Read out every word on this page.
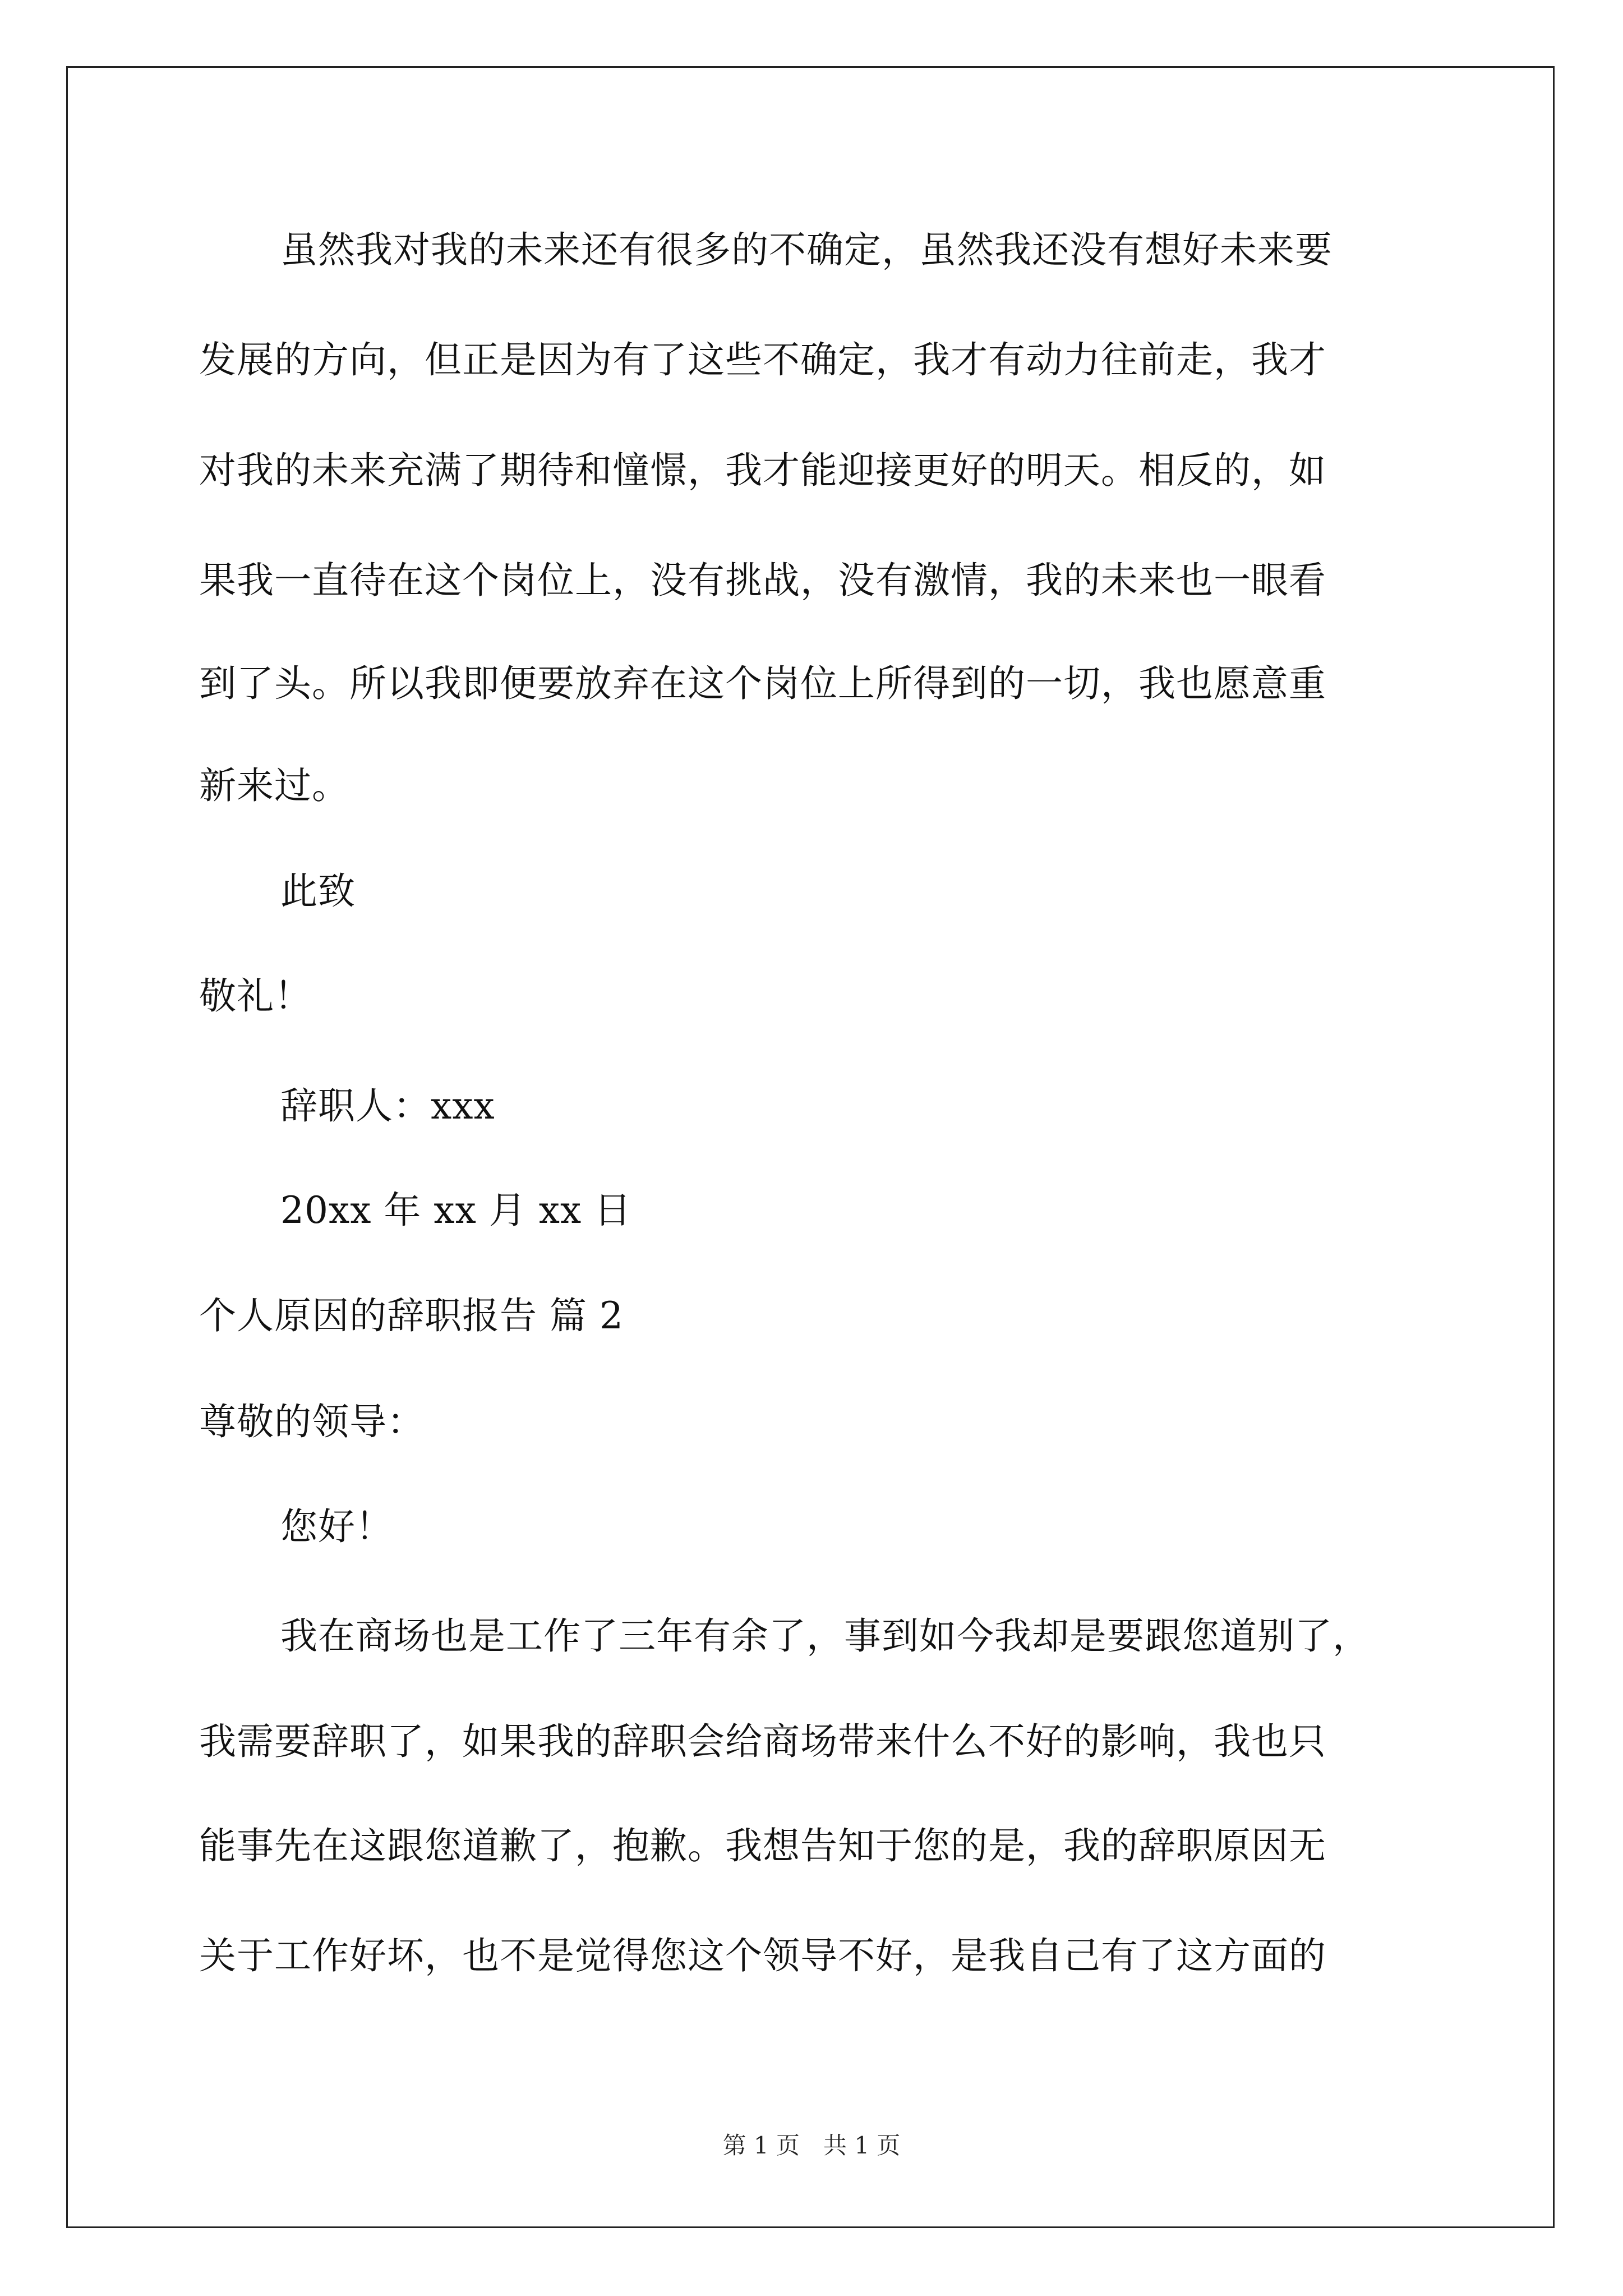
虽然我对我的未来还有很多的不确定，虽然我还没有想好未来要
发展的方向，但正是因为有了这些不确定，我才有动力往前走，我才
对我的未来充满了期待和憧憬，我才能迎接更好的明天。相反的，如
果我一直待在这个岗位上，没有挑战，没有激情，我的未来也一眼看
到了头。所以我即便要放弃在这个岗位上所得到的一切，我也愿意重
新来过。
此致
敬礼！
辞职人：xxx
20xx 年 xx 月 xx 日
个人原因的辞职报告 篇 2
尊敬的领导：
您好！
我在商场也是工作了三年有余了，事到如今我却是要跟您道别了，
我需要辞职了，如果我的辞职会给商场带来什么不好的影响，我也只
能事先在这跟您道歉了，抱歉。我想告知于您的是，我的辞职原因无
关于工作好坏，也不是觉得您这个领导不好，是我自己有了这方面的
第 1 页　共 1 页
